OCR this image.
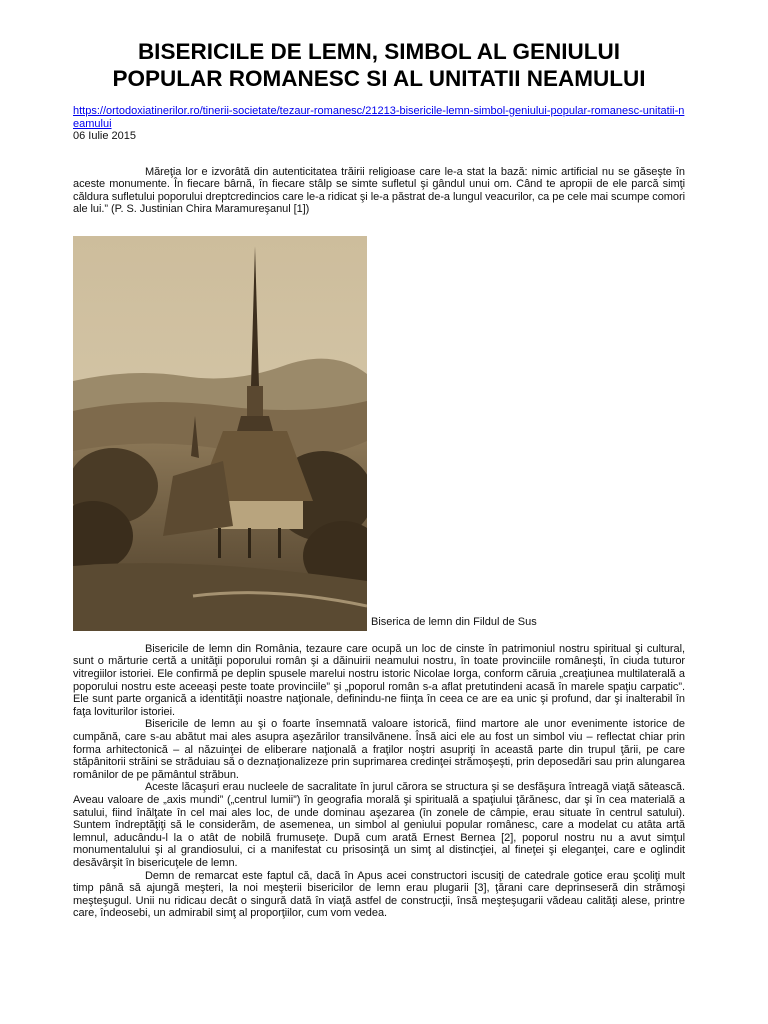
BISERICILE DE LEMN, SIMBOL AL GENIULUI
POPULAR ROMANESC SI AL UNITATII NEAMULUI
https://ortodoxiatinerilor.ro/tinerii-societate/tezaur-romanesc/21213-bisericile-lemn-simbol-geniului-popular-romanesc-unitatii-neamului
06 Iulie 2015

Măreţia lor e izvorâtă din autenticitatea trăirii religioase care le-a stat la bază: nimic artificial nu se găseşte în aceste monumente. În fiecare bârnă, în fiecare stâlp se simte sufletul şi gândul unui om. Când te apropii de ele parcă simţi căldura sufletului poporului dreptcredincios care le-a ridicat şi le-a păstrat de-a lungul veacurilor, ca pe cele mai scumpe comori ale lui.” (P. S. Justinian Chira Maramureşanul [1])

Biserica de lemn din Fildul de Sus

Bisericile de lemn din România, tezaure care ocupă un loc de cinste în patrimoniul nostru spiritual şi cultural, sunt o mărturie certă a unităţii poporului român şi a dăinuirii neamului nostru, în toate provinciile româneşti, în ciuda tuturor vitregiilor istoriei. Ele confirmă pe deplin spusele marelui nostru istoric Nicolae Iorga, conform căruia „creaţiunea multilaterală a poporului nostru este aceeaşi peste toate provinciile” şi „poporul român s-a aflat pretutindeni acasă în marele spaţiu carpatic”. Ele sunt parte organică a identităţii noastre naţionale, definindu-ne fiinţa în ceea ce are ea unic şi profund, dar şi inalterabil în faţa loviturilor istoriei.

Bisericile de lemn au şi o foarte însemnată valoare istorică, fiind martore ale unor evenimente istorice de cumpănă, care s-au abătut mai ales asupra aşezărilor transilvănene. Însă aici ele au fost un simbol viu – reflectat chiar prin forma arhitectonică – al năzuinţei de eliberare naţională a fraţilor noştri asupriţi în această parte din trupul ţării, pe care stăpânitorii străini se străduiau să o deznaţionalizeze prin suprimarea credinţei strămoşeşti, prin deposedări sau prin alungarea românilor de pe pământul străbun.

Aceste lăcaşuri erau nucleele de sacralitate în jurul cărora se structura şi se desfăşura întreagă viaţă sătească. Aveau valoare de „axis mundi” („centrul lumii”) în geografia morală şi spirituală a spaţiului ţărănesc, dar şi în cea materială a satului, fiind înălţate în cel mai ales loc, de unde dominau aşezarea (în zonele de câmpie, erau situate în centrul satului). Suntem îndreptăţiţi să le considerăm, de asemenea, un simbol al geniului popular românesc, care a modelat cu atâta artă lemnul, aducându-l la o atât de nobilă frumuseţe. După cum arată Ernest Bernea [2], poporul nostru nu a avut simţul monumentalului şi al grandiosului, ci a manifestat cu prisosinţă un simţ al distincţiei, al fineţei şi eleganţei, care e oglindit desăvârşit în bisericuţele de lemn.

Demn de remarcat este faptul că, dacă în Apus acei constructori iscusiţi de catedrale gotice erau şcoliţi mult timp până să ajungă meşteri, la noi meşterii bisericilor de lemn erau plugarii [3], ţărani care deprinseseră din strămoşi meşteşugul. Unii nu ridicau decât o singură dată în viaţă astfel de construcţii, însă meşteşugarii vădeau calităţi alese, printre care, îndeosebi, un admirabil simţ al proporţiilor, cum vom vedea.
